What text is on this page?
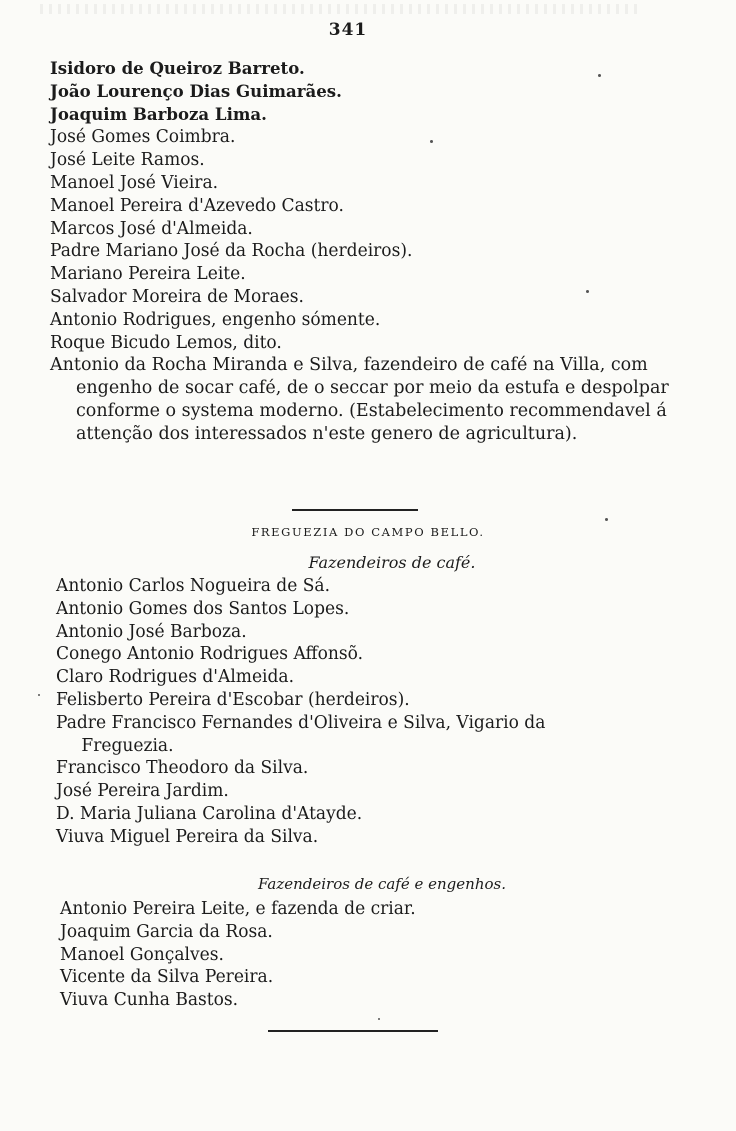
341
Isidoro de Queiroz Barreto.
João Lourenço Dias Guimarães.
Joaquim Barboza Lima.
José Gomes Coimbra.
José Leite Ramos.
Manoel José Vieira.
Manoel Pereira d'Azevedo Castro.
Marcos José d'Almeida.
Padre Mariano José da Rocha (herdeiros).
Mariano Pereira Leite.
Salvador Moreira de Moraes.
Antonio Rodrigues, engenho sómente.
Roque Bicudo Lemos, dito.
Antonio da Rocha Miranda e Silva, fazendeiro de café na Villa, com engenho de socar café, de o seccar por meio da estufa e despolpar conforme o systema moderno. (Estabelecimento recommendavel á attenção dos interessados n'este genero de agricultura).
FREGUEZIA DO CAMPO BELLO.
Fazendeiros de café.
Antonio Carlos Nogueira de Sá.
Antonio Gomes dos Santos Lopes.
Antonio José Barboza.
Conego Antonio Rodrigues Affonsõ.
Claro Rodrigues d'Almeida.
Felisberto Pereira d'Escobar (herdeiros).
Padre Francisco Fernandes d'Oliveira e Silva, Vigario da
Freguezia.
Francisco Theodoro da Silva.
José Pereira Jardim.
D. Maria Juliana Carolina d'Atayde.
Viuva Miguel Pereira da Silva.
Fazendeiros de café e engenhos.
Antonio Pereira Leite, e fazenda de criar.
Joaquim Garcia da Rosa.
Manoel Gonçalves.
Vicente da Silva Pereira.
Viuva Cunha Bastos.
